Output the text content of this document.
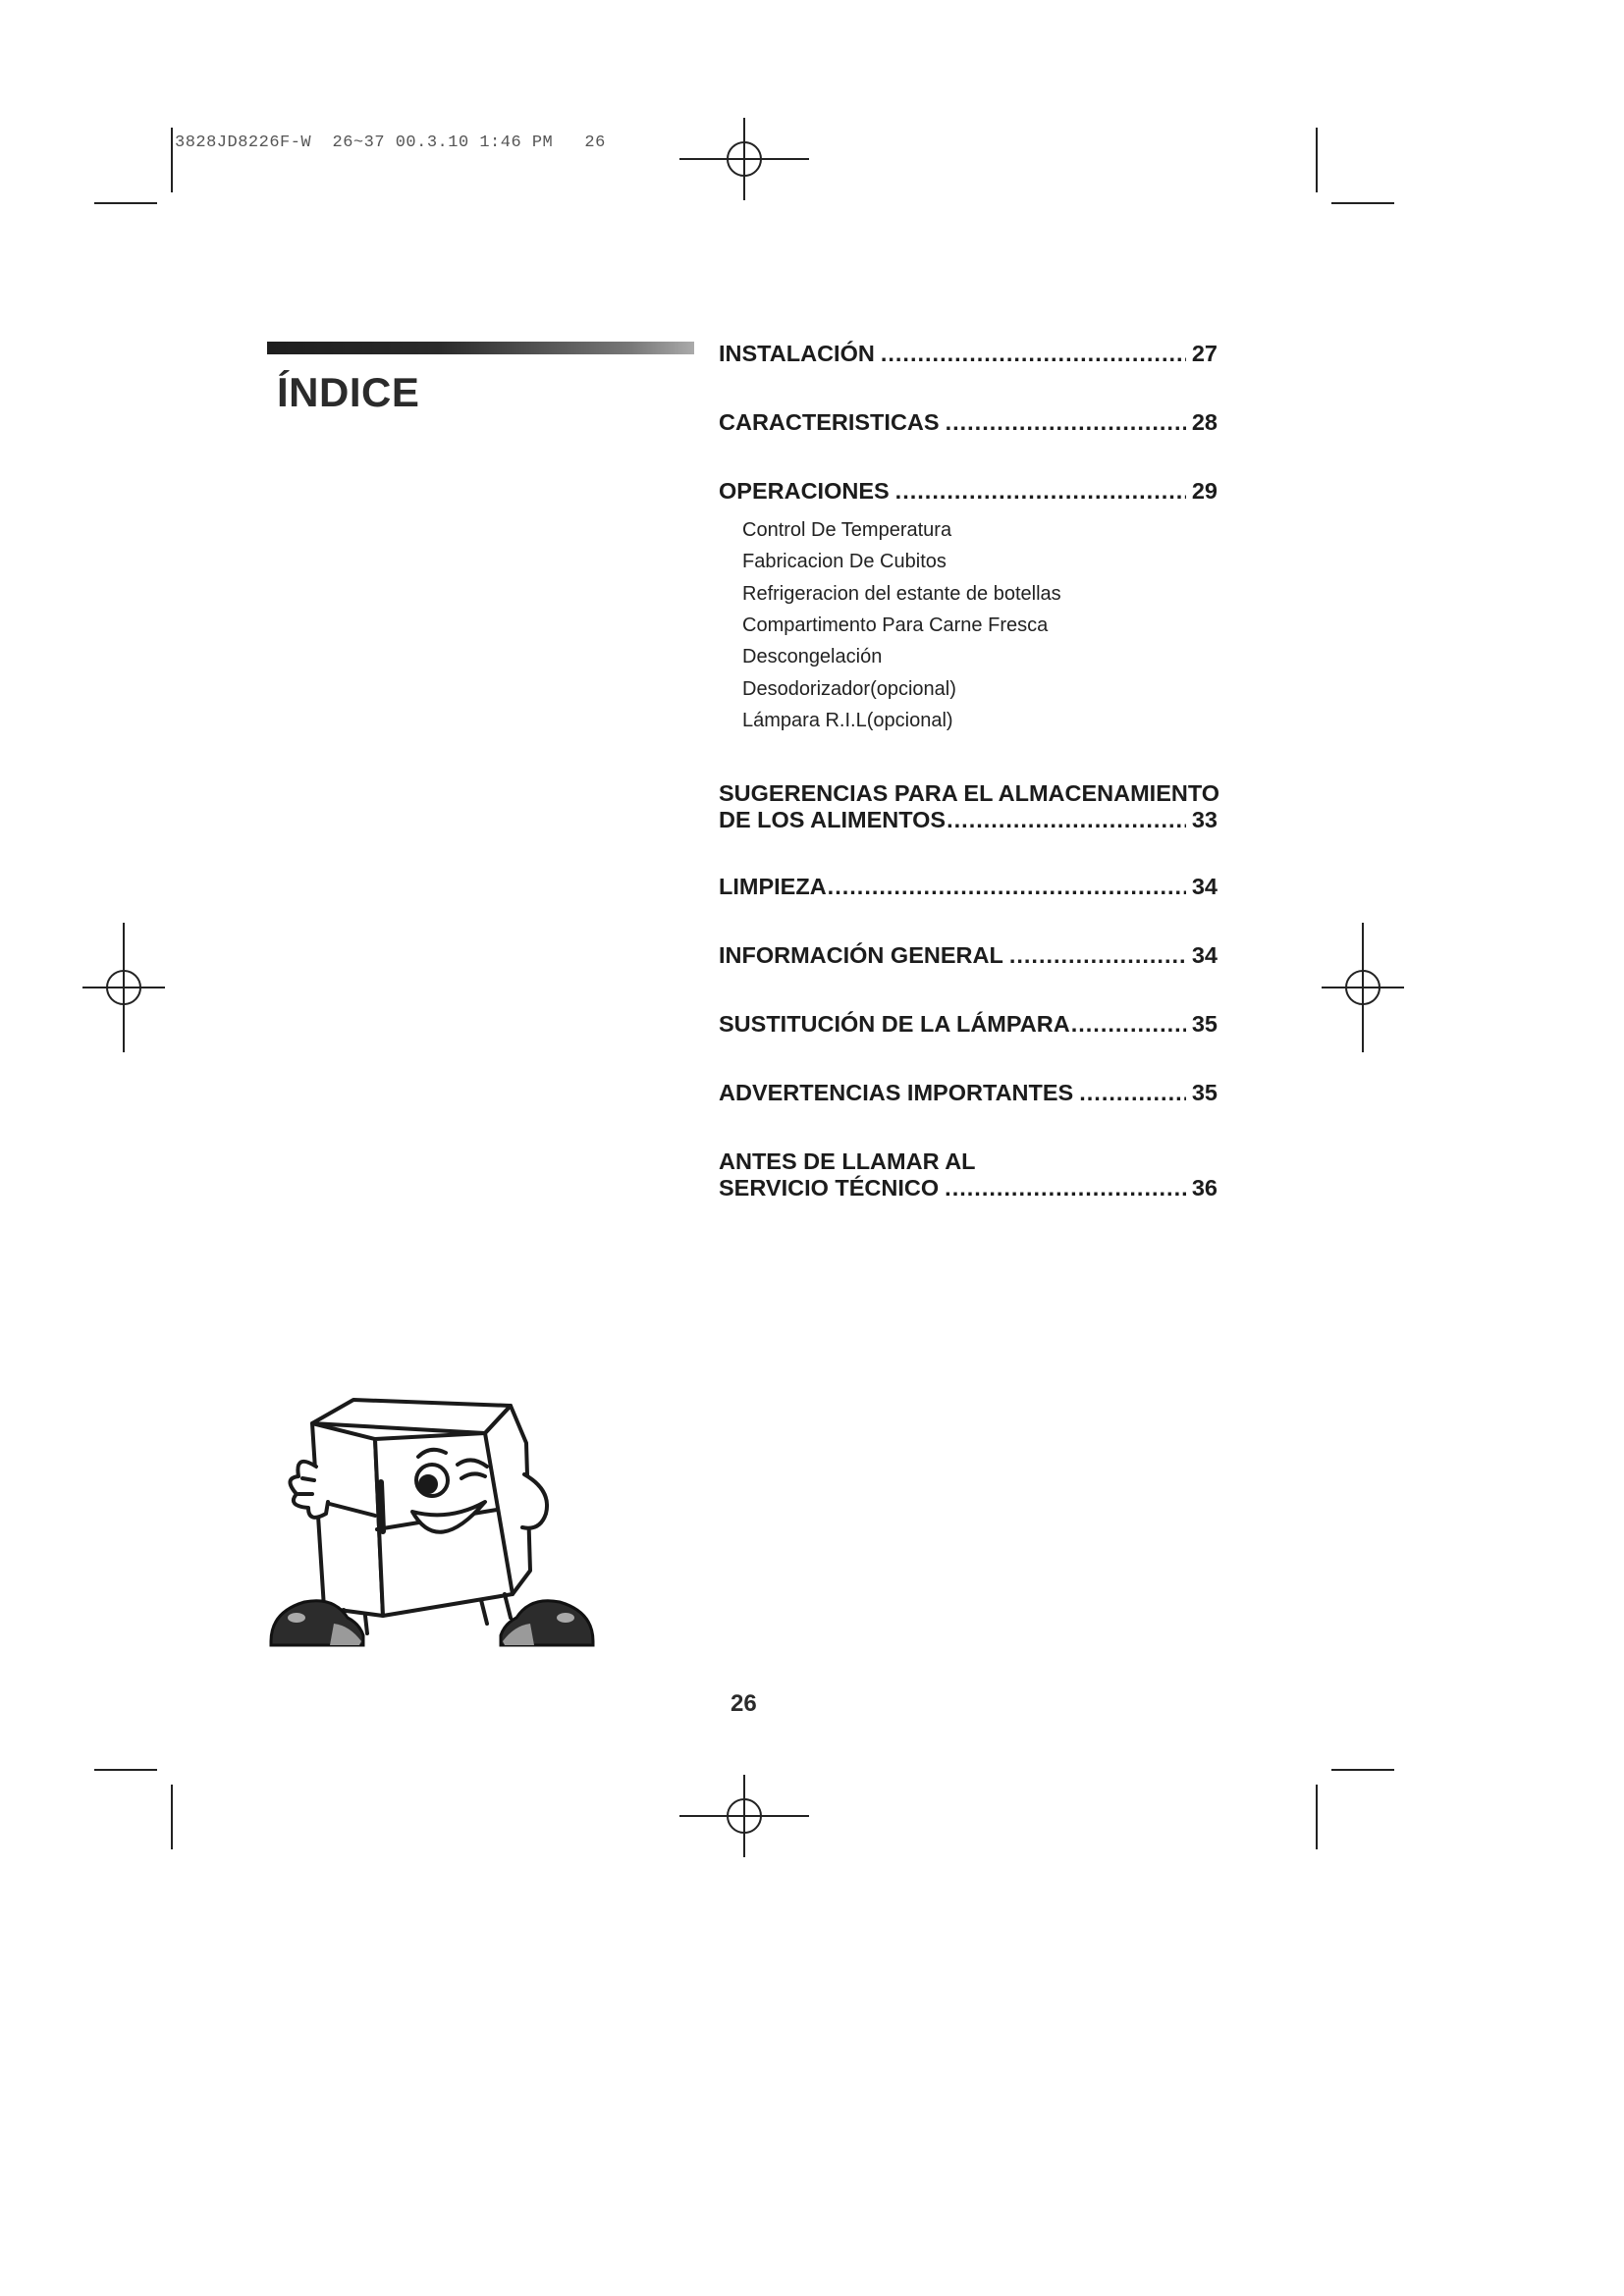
3828JD8226F-W  26~37 00.3.10 1:46 PM   26
ÍNDICE
INSTALACIÓN .....	27
CARACTERISTICAS .....	28
OPERACIONES .....	29
Control De Temperatura
Fabricacion De Cubitos
Refrigeracion del estante de botellas
Compartimento Para Carne Fresca
Descongelación
Desodorizador(opcional)
Lámpara R.I.L(opcional)
SUGERENCIAS PARA EL ALMACENAMIENTO
DE LOS ALIMENTOS .....	33
LIMPIEZA .....	34
INFORMACIÓN GENERAL .....	34
SUSTITUCIÓN DE LA LÁMPARA .....	35
ADVERTENCIAS IMPORTANTES .....	35
ANTES DE LLAMAR AL
SERVICIO TÉCNICO .....	36
26
